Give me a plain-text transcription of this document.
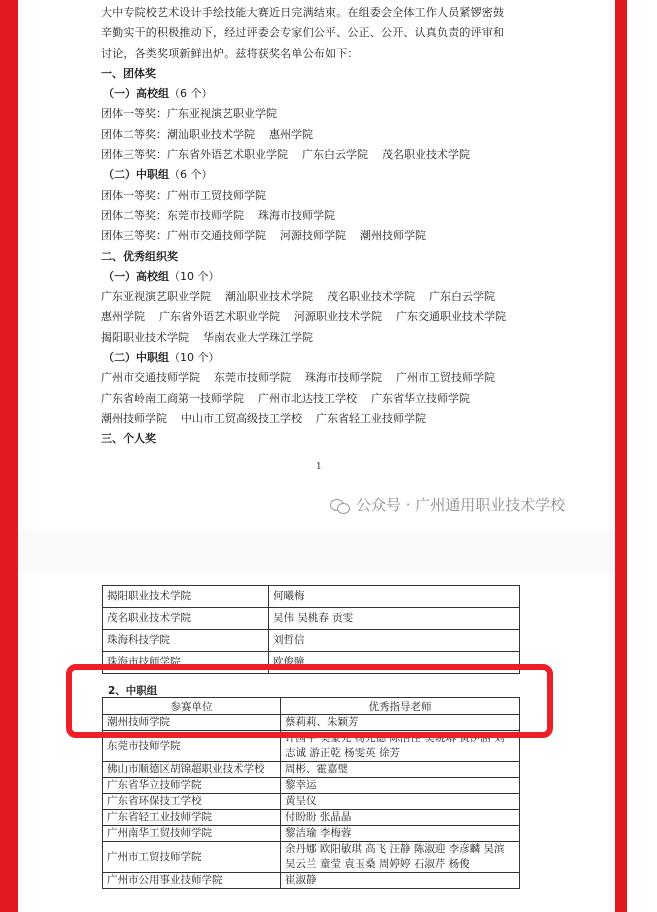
大中专院校艺术设计手绘技能大赛近日完满结束。在组委会全体工作人员紧锣密鼓
辛勤实干的积极推动下，经过评委会专家们公平、公正、公开、认真负责的评审和
讨论，各类奖项新鲜出炉。兹将获奖名单公布如下：
一、团体奖
（一）高校组（6 个）
团体一等奖：广东亚视演艺职业学院
团体二等奖：潮汕职业技术学院 惠州学院
团体三等奖：广东省外语艺术职业学院 广东白云学院 茂名职业技术学院
（二）中职组（6 个）
团体一等奖：广州市工贸技师学院
团体二等奖：东莞市技师学院 珠海市技师学院
团体三等奖：广州市交通技师学院 河源技师学院 潮州技师学院
二、优秀组织奖
（一）高校组（10 个）
广东亚视演艺职业学院 潮汕职业技术学院 茂名职业技术学院 广东白云学院
惠州学院 广东省外语艺术职业学院 河源职业技术学院 广东交通职业技术学院
揭阳职业技术学院 华南农业大学珠江学院
（二）中职组（10 个）
广州市交通技师学院 东莞市技师学院 珠海市技师学院 广州市工贸技师学院
广东省岭南工商第一技师学院 广州市北达技工学校 广东省华立技师学院
潮州技师学院 中山市工贸高级技工学校 广东省轻工业技师学院
三、个人奖
1
公众号 · 广州通用职业技术学校
揭阳职业技术学院	何曦梅
茂名职业技术学院	吴伟 吴桃春 贡雯
珠海科技学院	刘哲信
珠海市技师学院	欧俊瞳
2、中职组
参赛单位	优秀指导老师
潮州技师学院	蔡莉莉、朱颖芳
东莞市技师学院	许国平 吴豪光 杨光德 陈浩佳 吴晓琳 黄伊涵 刘志诚 游正乾 杨雯英 徐芳
佛山市顺德区胡锦超职业技术学校	周彬、霍嘉璧
广东省华立技师学院	黎幸运
广东省环保技工学校	黄呈仪
广东省轻工业技师学院	付盼盼 张晶晶
广州南华工贸技师学院	黎洁瑜 李梅蓉
广州市工贸技师学院	余丹娜 欧阳敏琪 高飞 汪静 陈淑迎 李彦麟 吴滨 吴云兰 童莹 袁玉桑 周婷婷 石淑芹 杨俊
广州市公用事业技师学院	崔淑静
